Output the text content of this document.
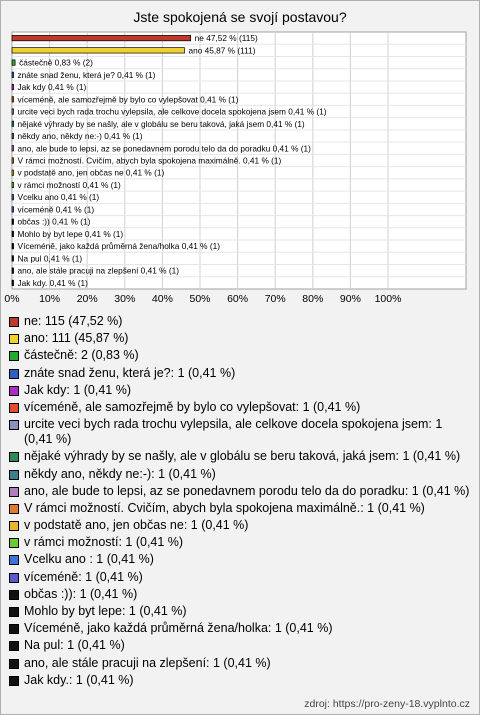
Jste spokojená se svojí postavou?
0% 10% 20% 30% 40% 50% 60% 70% 80% 90% 100%
ne 47,52 % (115)
ano 45,87 % (111)
částečně 0,83 % (2)
znáte snad ženu, která je? 0,41 % (1)
Jak kdy 0,41 % (1)
víceméně, ale samozřejmě by bylo co vylepšovat 0,41 % (1)
urcite veci bych rada trochu vylepsila, ale celkove docela spokojena jsem 0,41 % (1)
nějaké výhrady by se našly, ale v globálu se beru taková, jaká jsem 0,41 % (1)
někdy ano, někdy ne:-) 0,41 % (1)
ano, ale bude to lepsi, az se ponedavnem porodu telo da do poradku 0,41 % (1)
V rámci možností. Cvičím, abych byla spokojena maximálně. 0,41 % (1)
v podstatě ano, jen občas ne 0,41 % (1)
v rámci možností 0,41 % (1)
Vcelku ano 0,41 % (1)
víceméně 0,41 % (1)
občas :)) 0,41 % (1)
Mohlo by byt lepe 0,41 % (1)
Víceméně, jako každá průměrná žena/holka 0,41 % (1)
Na pul 0,41 % (1)
ano, ale stále pracuji na zlepšení 0,41 % (1)
Jak kdy. 0,41 % (1)
ne: 115 (47,52 %)
ano: 111 (45,87 %)
částečně: 2 (0,83 %)
znáte snad ženu, která je?: 1 (0,41 %)
Jak kdy: 1 (0,41 %)
víceméně, ale samozřejmě by bylo co vylepšovat: 1 (0,41 %)
urcite veci bych rada trochu vylepsila, ale celkove docela spokojena jsem: 1 (0,41 %)
nějaké výhrady by se našly, ale v globálu se beru taková, jaká jsem: 1 (0,41 %)
někdy ano, někdy ne:-): 1 (0,41 %)
ano, ale bude to lepsi, az se ponedavnem porodu telo da do poradku: 1 (0,41 %)
V rámci možností. Cvičím, abych byla spokojena maximálně.: 1 (0,41 %)
v podstatě ano, jen občas ne: 1 (0,41 %)
v rámci možností: 1 (0,41 %)
Vcelku ano : 1 (0,41 %)
víceméně: 1 (0,41 %)
občas :)): 1 (0,41 %)
Mohlo by byt lepe: 1 (0,41 %)
Víceméně, jako každá průměrná žena/holka: 1 (0,41 %)
Na pul: 1 (0,41 %)
ano, ale stále pracuji na zlepšení: 1 (0,41 %)
Jak kdy.: 1 (0,41 %)
zdroj: https://pro-zeny-18.vyplnto.cz
